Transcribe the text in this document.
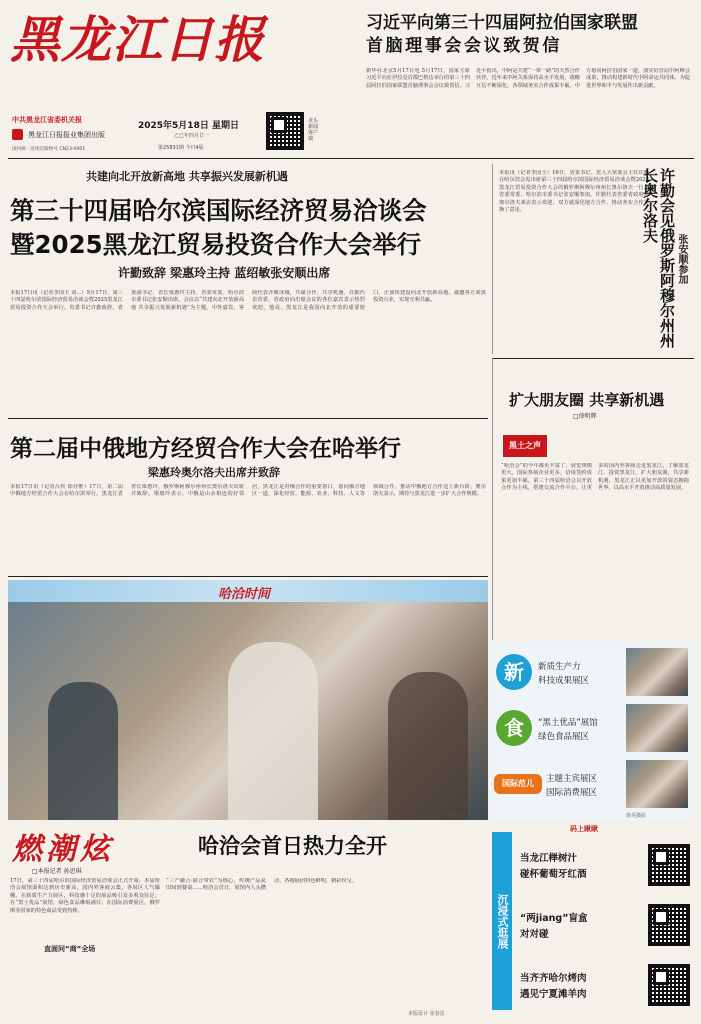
黑龙江日报
中共黑龙江省委机关报
黑龙江日报报业集团出版
国内统一连续出版物号 CN23-0001
2025年5月18日 星期日
乙巳年四月廿一
第25831期 今日4版
龙头新闻客户端
习近平向第三十四届阿拉伯国家联盟
首脑理事会会议致贺信
新华社北京5月17日电 5月17日，国家主席习近平向在伊拉克首都巴格达举行的第三十四届阿拉伯国家联盟首脑理事会会议致贺信。习近平指出，中阿是共建“一带一路”的天然合作伙伴，近年来中阿关系保持高水平发展，战略互信不断深化，各领域务实合作成果丰硕。中方愿同阿拉伯国家一道，落实好首届中阿峰会成果，推动构建新时代中阿命运共同体，为促进世界和平与发展作出新贡献。
共建向北开放新高地 共享振兴发展新机遇
第三十四届哈尔滨国际经济贸易洽谈会
暨2025黑龙江贸易投资合作大会举行
许勤致辞 梁惠玲主持 蓝绍敏张安顺出席
本报17日讯（记者李国玉 刘...）5月17日，第三十四届哈尔滨国际经济贸易洽谈会暨2025黑龙江贸易投资合作大会举行。省委书记许勤致辞。省委副书记、省长梁惠玲主持。省委常委、哈尔滨市委书记张安顺出席。会议以“共建向北开放新高地 共享振兴发展新机遇”为主题，中外嘉宾、客商代表齐聚冰城，共谋合作、共享机遇。许勤代表省委、省政府向出席会议的各位嘉宾表示热烈欢迎。他说，黑龙江是我国向北开放的重要窗口，正加快建设向北开放新高地，诚邀各方来黑投资兴业，实现互利共赢。
本报讯（记者李国玉）16日，省委书记、省人大常委会主任许勤在哈尔滨会见出席第三十四届哈尔滨国际经济贸易洽谈会暨2025黑龙江贸易投资合作大会的俄罗斯阿穆尔州州长奥尔洛夫一行。省委常委、哈尔滨市委书记张安顺参加。许勤代表省委省政府对奥尔洛夫来访表示欢迎。双方就深化地方合作、推动务实合作交换了意见。	许勤会见俄罗斯阿穆尔州州长奥尔洛夫
张安顺参加
扩大朋友圈 共享新机遇
□徐明辉
黑土之声
“哈洽会”的今年都更丰富了，展览规模更大，国际参展企业更多，洽谈签约成果更加丰硕。第三十四届哈洽会以开放合作为主线，搭建交流合作平台，让更多的国内外客商走进黑龙江、了解黑龙江、投资黑龙江。扩大朋友圈，共享新机遇，黑龙江正以更加开放的姿态拥抱世界，以高水平开放推动高质量发展。
第二届中俄地方经贸合作大会在哈举行
梁惠玲奥尔洛夫出席并致辞
本报17日讯（记者吕传 徐佳惟）17日，第二届中俄地方经贸合作大会在哈尔滨举行。黑龙江省省长梁惠玲、俄罗斯阿穆尔州州长奥尔洛夫出席并致辞。梁惠玲表示，中俄是山水相连的好邻居，黑龙江是对俄合作的重要窗口，愿同俄方地区一道，深化经贸、能源、农业、科技、人文等领域合作，推动中俄地方合作迈上新台阶。奥尔洛夫表示，期待与黑龙江进一步扩大合作规模。
哈洽时间
新	新质生产力
科技成果展区
食	“黑土优品”展馆
绿色食品展区
国际范儿	主题主宾展区
国际消费展区
徐昊摄影
徐昊摄
燃潮炫	哈洽会首日热力全开
□本报记者 孙思琪
17日，第三十四届哈尔滨国际经济贸易洽谈会正式开幕。本届哈洽会展馆面积达到历史新高，国内外客商云集，各展区人气爆棚。在新质生产力展区，科技感十足的展品吸引众多观众驻足；在“黑土优品”展馆，绿色食品琳琅满目；在国际消费展区，俄罗斯等国家的特色商品受到热捧。
直面问“商”全场
“三产融合·联合带农”为核心，传统产品从田间到餐桌……哈洽会首日，展馆内人头攒动，各地展团特色鲜明，精彩纷呈。
本版设计 张春雷
沉浸式逛展
码上瞅瞅
当龙江榉树汁
碰杯葡萄牙红酒
“两jiang”盲盒
对对碰
当齐齐哈尔烤肉
遇见宁夏滩羊肉
